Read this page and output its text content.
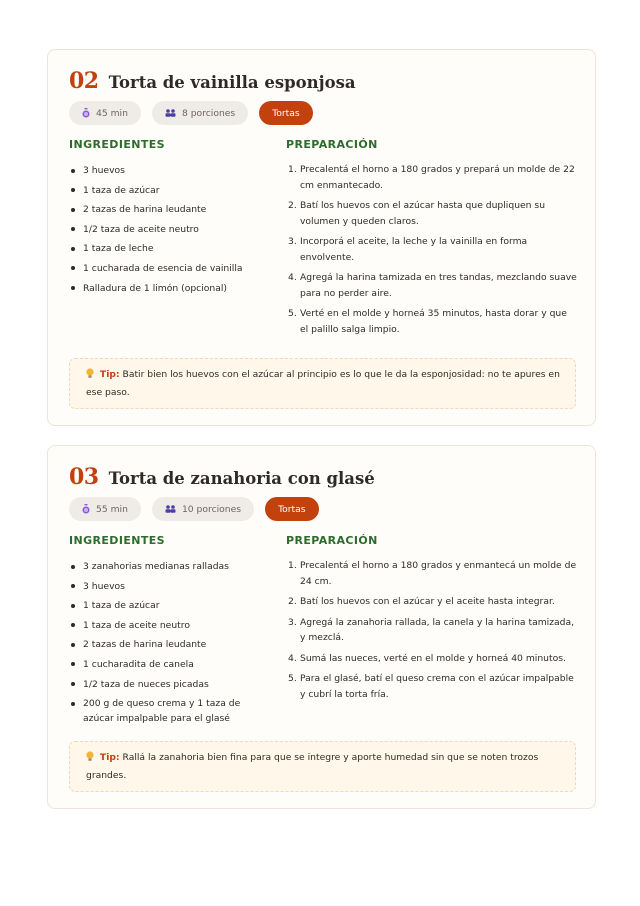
02 Torta de vainilla esponjosa
45 min	8 porciones	Tortas
INGREDIENTES	PREPARACIÓN
3 huevos
1 taza de azúcar
2 tazas de harina leudante
1/2 taza de aceite neutro
1 taza de leche
1 cucharada de esencia de vainilla
Ralladura de 1 limón (opcional)
1. Precalentá el horno a 180 grados y prepará un molde de 22 cm enmantecado.
2. Batí los huevos con el azúcar hasta que dupliquen su volumen y queden claros.
3. Incorporá el aceite, la leche y la vainilla en forma envolvente.
4. Agregá la harina tamizada en tres tandas, mezclando suave para no perder aire.
5. Verté en el molde y horneá 35 minutos, hasta dorar y que el palillo salga limpio.
Tip: Batir bien los huevos con el azúcar al principio es lo que le da la esponjosidad: no te apures en ese paso.
03 Torta de zanahoria con glasé
55 min	10 porciones	Tortas
INGREDIENTES	PREPARACIÓN
3 zanahorias medianas ralladas
3 huevos
1 taza de azúcar
1 taza de aceite neutro
2 tazas de harina leudante
1 cucharadita de canela
1/2 taza de nueces picadas
200 g de queso crema y 1 taza de azúcar impalpable para el glasé
1. Precalentá el horno a 180 grados y enmantecá un molde de 24 cm.
2. Batí los huevos con el azúcar y el aceite hasta integrar.
3. Agregá la zanahoria rallada, la canela y la harina tamizada, y mezclá.
4. Sumá las nueces, verté en el molde y horneá 40 minutos.
5. Para el glasé, batí el queso crema con el azúcar impalpable y cubrí la torta fría.
Tip: Rallá la zanahoria bien fina para que se integre y aporte humedad sin que se noten trozos grandes.
